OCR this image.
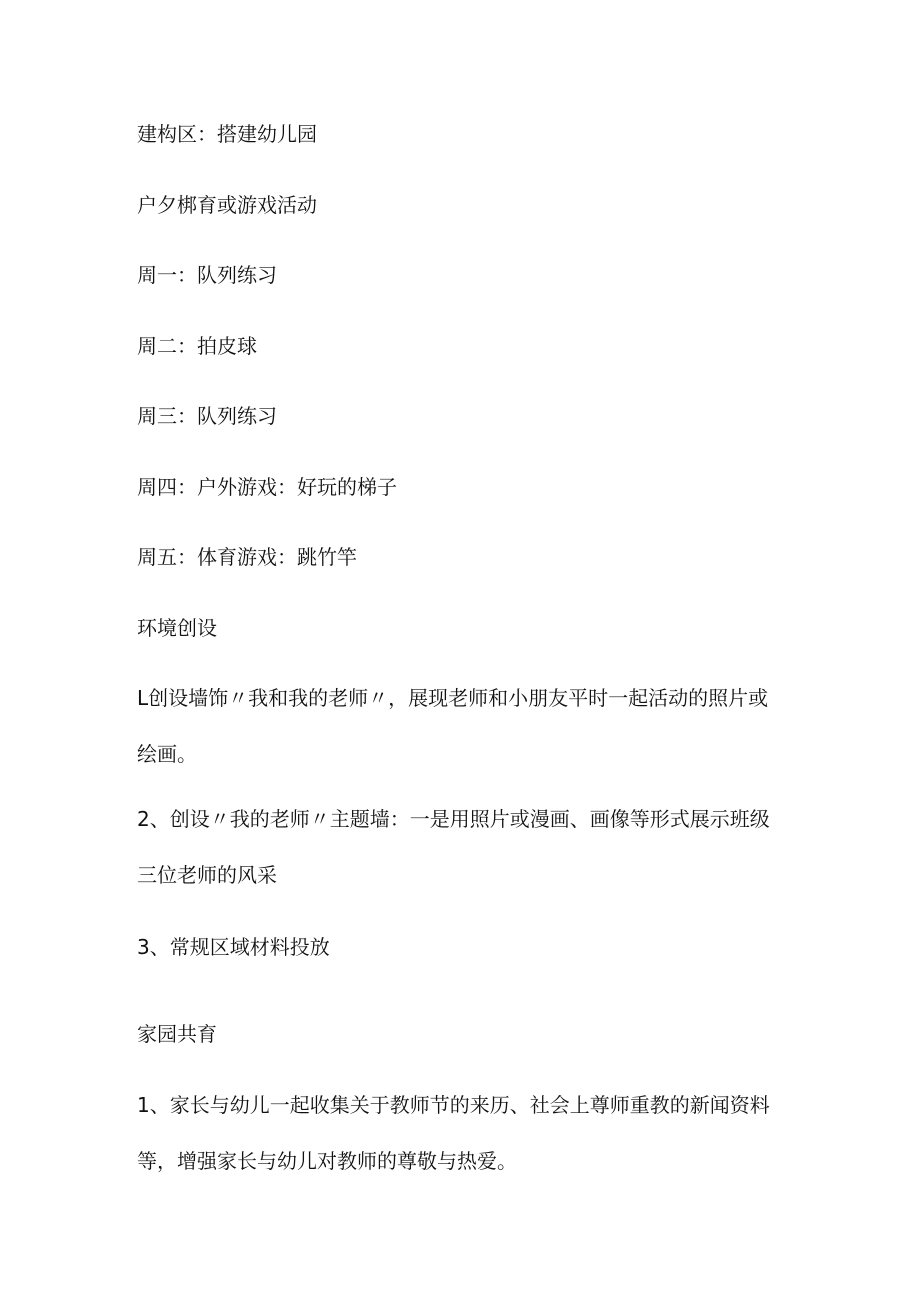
建构区：搭建幼儿园

户夕梆育或游戏活动

周一：队列练习

周二：拍皮球

周三：队列练习

周四：户外游戏：好玩的梯子

周五：体育游戏：跳竹竿

环境创设

L创设墙饰〃我和我的老师〃，展现老师和小朋友平时一起活动的照片或绘画。

2、创设〃我的老师〃主题墙：一是用照片或漫画、画像等形式展示班级三位老师的风采

3、常规区域材料投放

家园共育

1、家长与幼儿一起收集关于教师节的来历、社会上尊师重教的新闻资料等，增强家长与幼儿对教师的尊敬与热爱。
